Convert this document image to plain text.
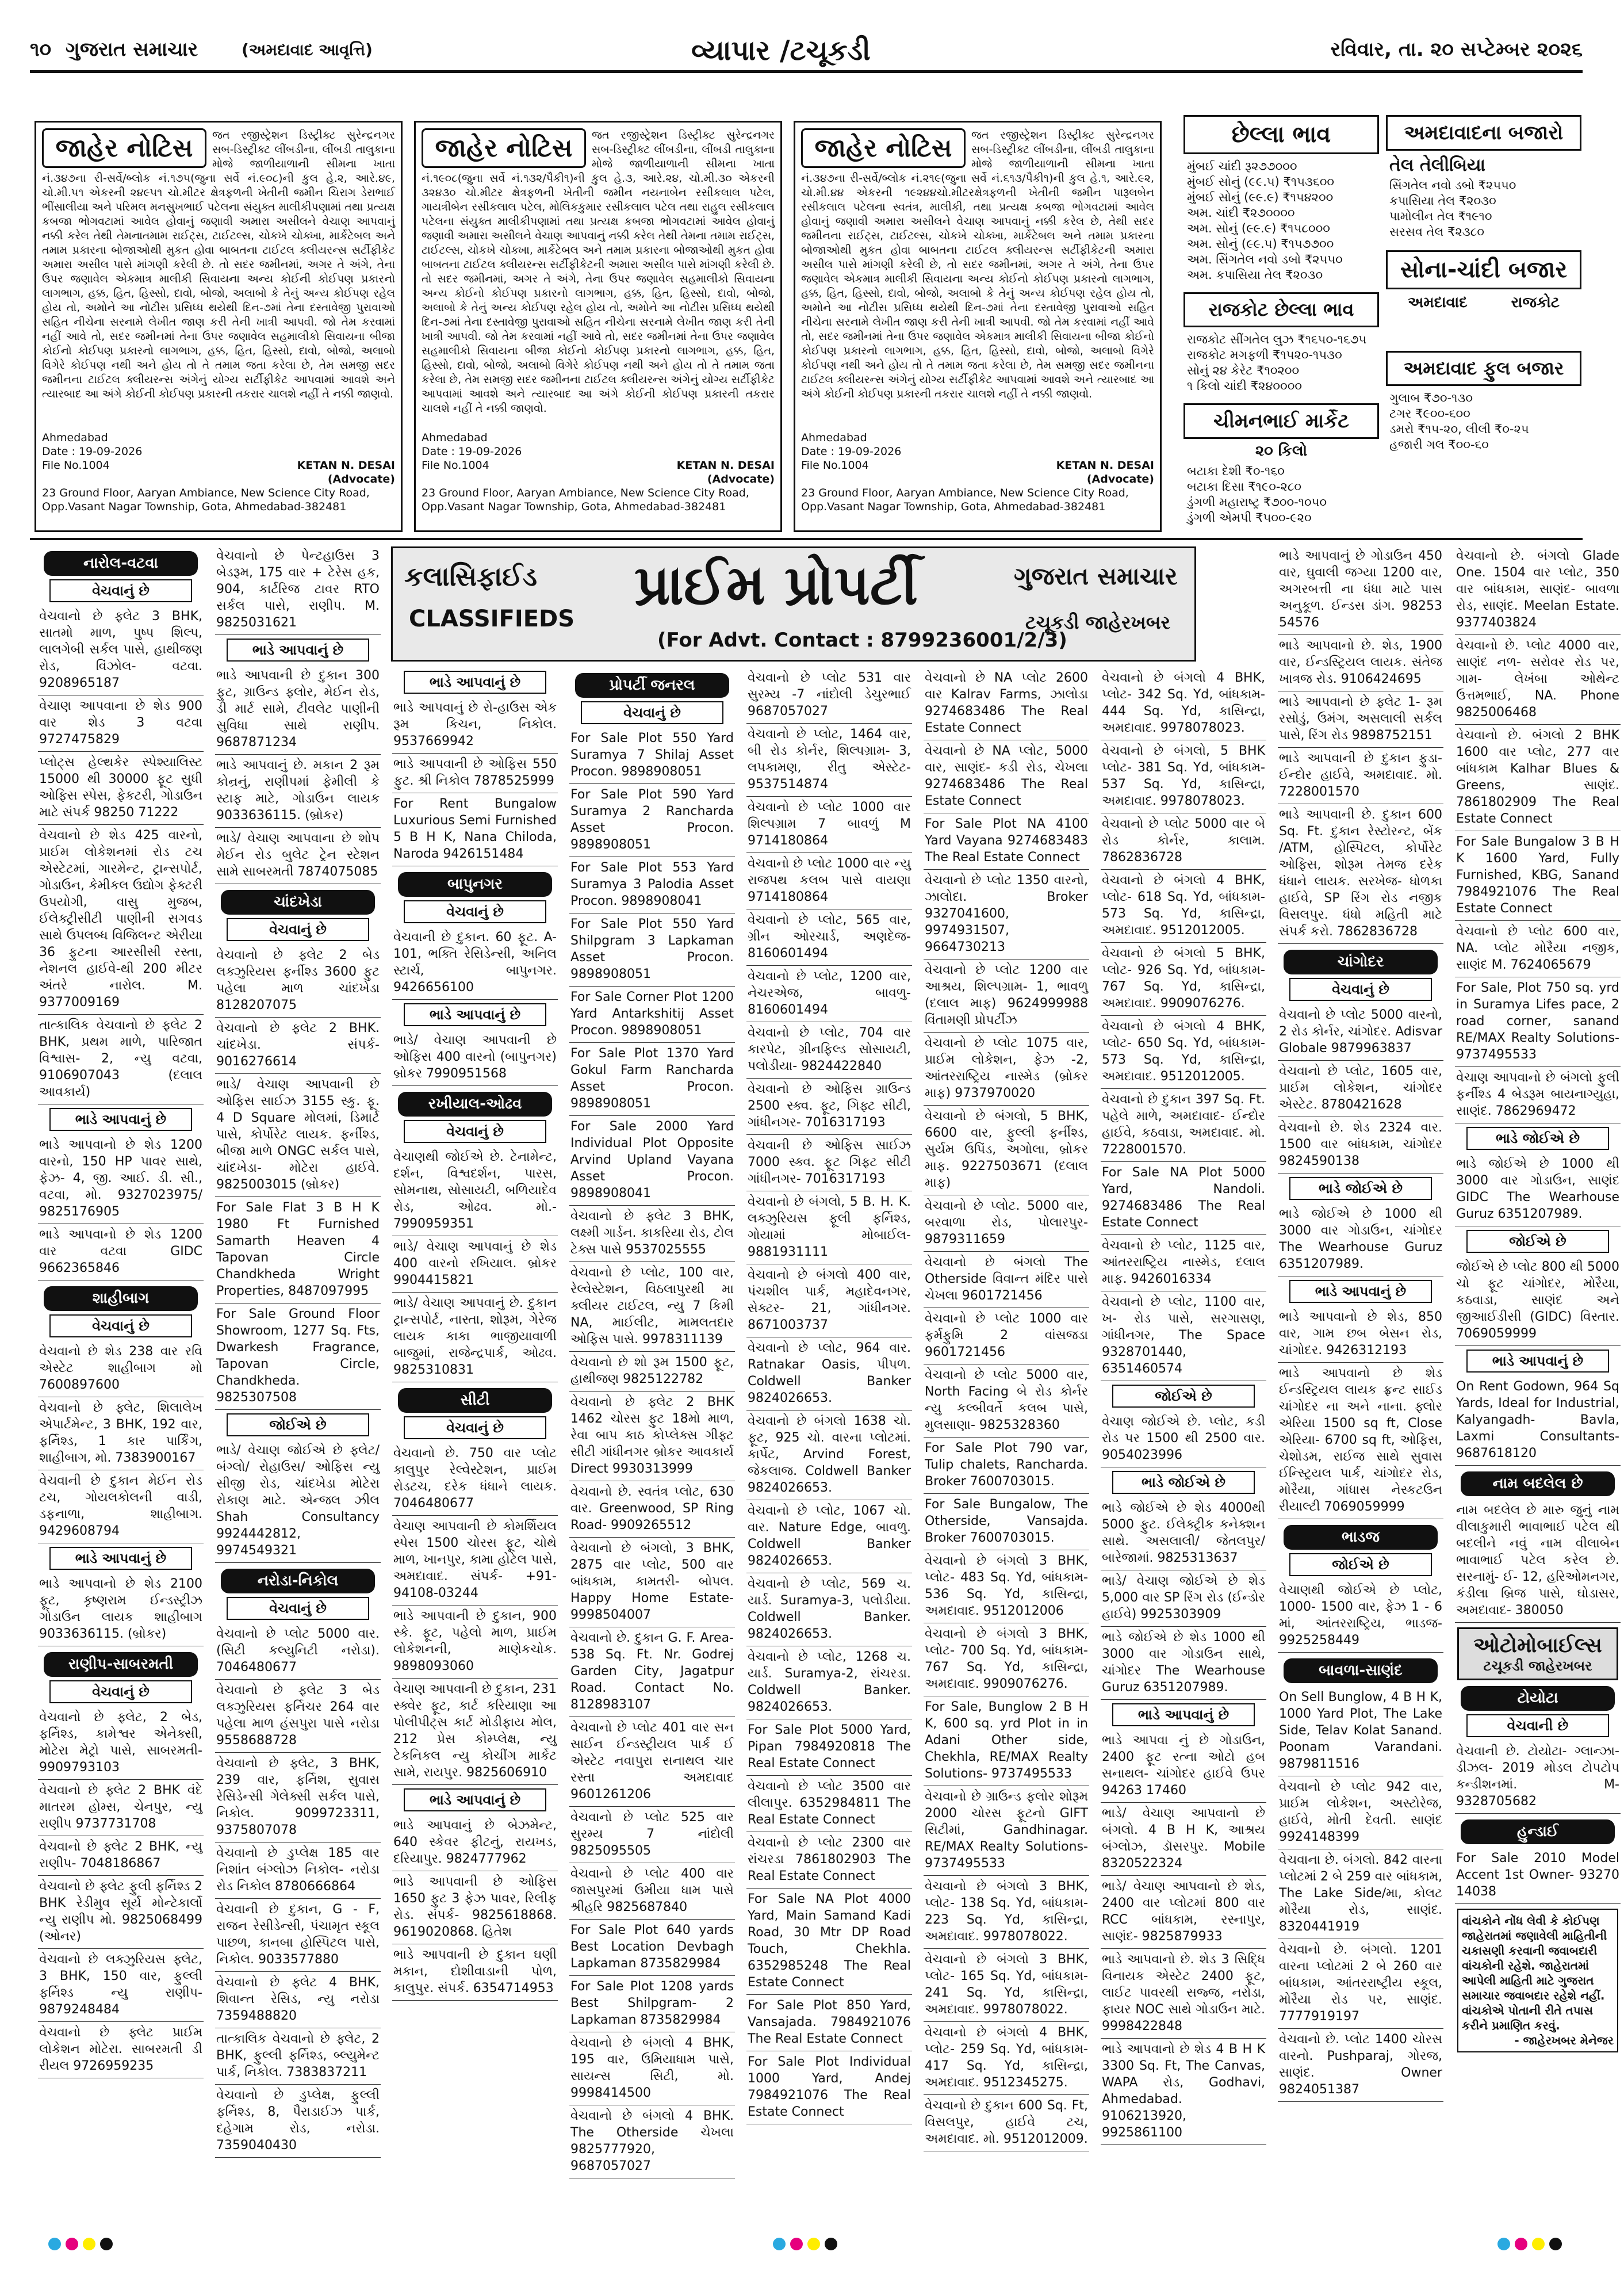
૧૦ ગુજરાત સમાચાર	(અમદાવાદ આવૃત્તિ)	વ્યાપાર /ટચૂકડી	રવિવાર, તા. ૨૦ સપ્ટેમ્બર ૨૦૨૬
જાહેર નોટિસ	જત રજીસ્ટ્રેશન ડિસ્ટ્રીક્ટ સુરેન્દ્રનગર સબ-ડિસ્ટ્રીક્ટ લીંબડીના, લીંબડી તાલુકાના મોજે જાળીયાળાની સીમના ખાતા નં.૩૪૭ના રી-સર્વે/બ્લોક નં.૧૭૫(જુના સર્વે નં.૯૦૮)ની કુલ હે.૨, આરે.૪૯, ચો.મી.૫૧ એકરની ૨૪૯૫૧ ચો.મીટર ક્ષેત્રફળની ખેતીની જમીન ચિરાગ ડેરાભાઈ ભીંસાલીયા અને પરિમલ મનસુખભાઈ પટેલના સંયુક્ત માલીકીપણામાં તથા પ્રત્યક્ષ કબજા ભોગવટામાં આવેલ હોવાનું જણાવી અમારા અસીલને વેચાણ આપવાનું નક્કી કરેલ તેથી તેમનાતમામ રાઈટ્સ, ટાઈટલ્સ, ચોકખે ચોક્ખા, માર્કેટેબલ અને તમામ પ્રકારના બોજાઓથી મુકત હોવા બાબતના ટાઈટલ ક્લીયરન્સ સર્ટીફીકેટ અમારા અસીલ પાસે માંગણી કરેલી છે. તો સદર જમીનમાં, અગર તે અંગે, તેના ઉપર જણાવેલ એકમાત્ર માલીકી સિવાયના અન્ય કોઈની કોઈપણ પ્રકારનો લાગભાગ, હક્ક, હિત, હિસ્સો, દાવો, બોજો, અલાબો કે તેનું અન્ય કોઈપણ રહેલ હોય તો, અમોને આ નોટીસ પ્રસિધ્ધ થયેથી દિન-૭માં તેના દસ્તાવેજી પુરાવાઓ સહિત નીચેના સરનામે લેખીત જાણ કરી તેની ખાત્રી આપવી. જો તેમ કરવામાં નહીં આવે તો, સદર જમીનમાં તેના ઉપર જણાવેલ સહમાલીકો સિવાયના બીજા કોઈનો કોઈપણ પ્રકારનો લાગભાગ, હક્ક, હિત, હિસ્સો, દાવો, બોજો, અલાબો વિગેરે કોઈપણ નથી અને હોય તો તે તમામ જતા કરેલા છે, તેમ સમજી સદર જમીનના ટાઈટલ ક્લીયરન્સ અંગેનું યોગ્ય સર્ટીફીકેટ આપવામાં આવશે અને ત્યારબાદ આ અંગે કોઈની કોઈપણ પ્રકારની તકરાર ચાલશે નહીં તે નક્કી જાણવો.
Ahmedabad
Date : 19-09-2026
File No.1004	KETAN N. DESAI
(Advocate)
23 Ground Floor, Aaryan Ambiance, New Science City Road, Opp.Vasant Nagar Township, Gota, Ahmedabad-382481
જાહેર નોટિસ	જત રજીસ્ટ્રેશન ડિસ્ટ્રીક્ટ સુરેન્દ્રનગર સબ-ડિસ્ટ્રીક્ટ લીંબડીના, લીંબડી તાલુકાના મોજે જાળીયાળાની સીમના ખાતા નં.૧૯૦૮(જુના સર્વે નં.૧૩૨/પૈકી૧)ની કુલ હે.૩, આરે.૨૪, ચો.મી.૩૦ એકરની ૩૨૪૩૦ ચો.મીટર ક્ષેત્રફળની ખેતીની જમીન નયનાબેન રસીકલાલ પટેલ, ગાયત્રીબેન રસીકલાલ પટેલ, મોલિકકુમાર રસીકલાલ પટેલ તથા રાહુલ રસીકલાલ પટેલના સંયુક્ત માલીકીપણામાં તથા પ્રત્યક્ષ કબજા ભોગવટામાં આવેલ હોવાનું જણાવી અમારા અસીલને વેચાણ આપવાનું નક્કી કરેલ તેથી તેમના તમામ રાઈટ્સ, ટાઈટલ્સ, ચોકખે ચોક્ખા, માર્કેટેબલ અને તમામ પ્રકારના બોજાઓથી મુકત હોવા બાબતના ટાઈટલ ક્લીયરન્સ સર્ટીફીકેટની અમારા અસીલ પાસે માંગણી કરેલી છે. તો સદર જમીનમાં, અગર તે અંગે, તેના ઉપર જણાવેલ સહમાલીકો સિવાયના અન્ય કોઈનો કોઈપણ પ્રકારનો લાગભાગ, હક્ક, હિત, હિસ્સો, દાવો, બોજો, અલાબો કે તેનું અન્ય કોઈપણ રહેલ હોય તો, અમોને આ નોટીસ પ્રસિધ્ધ થયેથી દિન-૭માં તેના દસ્તાવેજી પુરાવાઓ સહિત નીચેના સરનામે લેખીત જાણ કરી તેની ખાત્રી આપવી. જો તેમ કરવામાં નહીં આવે તો, સદર જમીનમાં તેના ઉપર જણાવેલ સહમાલીકો સિવાયના બીજા કોઈનો કોઈપણ પ્રકારનો લાગભાગ, હક્ક, હિત, હિસ્સો, દાવો, બોજો, અલાબો વિગેરે કોઈપણ નથી અને હોય તો તે તમામ જતા કરેલા છે, તેમ સમજી સદર જમીનના ટાઈટલ ક્લીયરન્સ અંગેનું યોગ્ય સર્ટીફીકેટ આપવામાં આવશે અને ત્યારબાદ આ અંગે કોઈની કોઈપણ પ્રકારની તકરાર ચાલશે નહીં તે નક્કી જાણવો.
Ahmedabad
Date : 19-09-2026
File No.1004	KETAN N. DESAI
(Advocate)
23 Ground Floor, Aaryan Ambiance, New Science City Road, Opp.Vasant Nagar Township, Gota, Ahmedabad-382481
જાહેર નોટિસ	જત રજીસ્ટ્રેશન ડિસ્ટ્રીક્ટ સુરેન્દ્રનગર સબ-ડિસ્ટ્રીક્ટ લીંબડીના, લીંબડી તાલુકાના મોજે જાળીયાળાની સીમના ખાતા નં.૩૪૭ના રી-સર્વે/બ્લોક નં.૨૧૯(જુના સર્વે નં.૬૧૩/પૈકી૧)ની કુલ હે.૧, આરે.૯૨, ચો.મી.૪૪ એકરની ૧૯૨૪૪ચો.મીટરક્ષેત્રફળની ખેતીની જમીન પારૂલબેન રસીકલાલ પટેલના સ્વતંત્ર, માલીકી, તથા પ્રત્યક્ષ કબજા ભોગવટામાં આવેલ હોવાનું જણાવી અમારા અસીલને વેચાણ આપવાનું નક્કી કરેલ છે, તેથી સદર જમીનના રાઈટ્સ, ટાઈટલ્સ, ચોકખે ચોક્ખા, માર્કેટેબલ અને તમામ પ્રકારના બોજાઓથી મુકત હોવા બાબતના ટાઈટલ ક્લીયરન્સ સર્ટીફીકેટની અમારા અસીલ પાસે માંગણી કરેલી છે, તો સદર જમીનમાં, અગર તે અંગે, તેના ઉપર જણાવેલ એકમાત્ર માલીકી સિવાયના અન્ય કોઈનો કોઈપણ પ્રકારનો લાગભાગ, હક્ક, હિત, હિસ્સો, દાવો, બોજો, અલાબો કે તેનું અન્ય કોઈપણ રહેલ હોય તો, અમોને આ નોટીસ પ્રસિધ્ધ થયેથી દિન-૭માં તેના દસ્તાવેજી પુરાવાઓ સહિત નીચેના સરનામે લેખીત જાણ કરી તેની ખાત્રી આપવી. જો તેમ કરવામાં નહીં આવે તો, સદર જમીનમાં તેના ઉપર જણાવેલ એકમાત્ર માલીકી સિવાયના બીજા કોઈનો કોઈપણ પ્રકારનો લાગભાગ, હક્ક, હિત, હિસ્સો, દાવો, બોજો, અલાબો વિગેરે કોઈપણ નથી અને હોય તો તે તમામ જતા કરેલા છે, તેમ સમજી સદર જમીનના ટાઈટલ ક્લીયરન્સ અંગેનું યોગ્ય સર્ટીફીકેટ આપવામાં આવશે અને ત્યારબાદ આ અંગે કોઈની કોઈપણ પ્રકારની તકરાર ચાલશે નહીં તે નક્કી જાણવો.
Ahmedabad
Date : 19-09-2026
File No.1004	KETAN N. DESAI
(Advocate)
23 Ground Floor, Aaryan Ambiance, New Science City Road, Opp.Vasant Nagar Township, Gota, Ahmedabad-382481
છેલ્લા ભાવ
મુંબઈ ચાંદી રૂ૨૭૭૦૦૦
મુંબઈ સોનું (૯૯.૫) ₹૧૫૩૬૦૦
મુંબઈ સોનું (૯૯.૯) ₹૧૫૪૨૦૦
અમ. ચાંદી ₹૨૭૦૦૦૦
અમ. સોનું (૯૯.૯) ₹૧૫૮૦૦૦
અમ. સોનું (૯૯.૫) ₹૧૫૭૭૦૦
અમ. સિંગતેલ નવો ડબો ₹૨૫૫૦
અમ. કપાસિયા તેલ ₹૨૦૩૦
રાજકોટ છેલ્લા ભાવ
રાજકોટ સીંગતેલ લુઝ ₹૧૬૫૦-૧૬૭૫
રાજકોટ મગફળી ₹૧૫૨૦-૧૫૩૦
સોનું ૨૪ કેરેટ ₹૧૦૨૦૦
૧ કિલો ચાંદી ₹૨૪૦૦૦૦
ચીમનભાઈ માર્કેટ
૨૦ કિલો
બટાકા દેશી ₹૦-૧૬૦
બટાકા દિસા ₹૧૯૦-૨૮૦
ડુંગળી મહારાષ્ટ્ર ₹૭૦૦-૧૦૫૦
ડુંગળી એમપી ₹૫૦૦-૯૨૦
અમદાવાદના બજારો
તેલ તેલીબિયા
સિંગતેલ નવો ડબો ₹૨૫૫૦
કપાસિયા તેલ ₹૨૦૩૦
પામોલીન તેલ ₹૧૯૧૦
સરસવ તેલ ₹૨૩૮૦
સોના-ચાંદી બજાર
અમદાવાદ	રાજકોટ
અમદાવાદ ફુલ બજાર
ગુલાબ ₹૭૦-૧૩૦
ટગર ₹૯૦૦-૬૦૦
ડમરો ₹૧૫-૨૦, લીલી ₹૦-૨૫
હજારી ગલ ₹૦૦-૬૦
કલાસિફાઈડ
CLASSIFIEDS
પ્રાઈમ પ્રોપર્ટી
(For Advt. Contact : 8799236001/2/3)
ગુજરાત સમાચાર
ટચૂકડી જાહેરખબર
નારોલ-વટવા
વેચવાનું છે
વેચવાનો છે ફ્લેટ 3 BHK, સાતમો માળ, પુષ્પ શિલ્પ, લાલગેબી સર્કલ પાસે, હાથીજણ રોડ, વિંઝોલ- વટવા. 9208965187
વેચાણ આપવાના છે શેડ 900 વાર શેડ 3 વટવા 9727475829
પ્લોટ્સ હેલ્થકેર સ્પેશ્યાલિસ્ટ 15000 થી 30000 ફૂટ સુધી ઓફિસ સ્પેસ, ફેકટરી, ગોડાઉન માટે સંપર્ક 98250 71222
વેચવાનો છે શેડ 425 વારનો, પ્રાઈમ લોકેશનમાં રોડ ટચ એસ્ટેટમાં, ગારમેન્ટ, ટ્રાન્સપોર્ટ, ગોડાઉન, કેમીકલ ઉદ્યોગ ફેક્ટરી ઉપયોગી, વાસુ મુજબ, ઈલેક્ટ્રીસીટી પાણીની સગવડ સાથે ઉપલબ્ધ વિજિલન્ટ એરીયા 36 ફુટના આરસીસી રસ્તા, નેશનલ હાઈવે-થી 200 મીટર અંતરે નારોલ. M. 9377009169
તાત્કાલિક વેચવાનો છે ફ્લેટ 2 BHK, પ્રથમ માળે, પારિજાત વિશ્વાસ- 2, ન્યુ વટવા, 9106907043 (દલાલ આવકાર્ય)
ભાડે આપવાનું છે
ભાડે આપવાનો છે શેડ 1200 વારનો, 150 HP પાવર સાથે, ફેઝ- 4, જી. આઈ. ડી. સી., વટવા, મો. 9327023975/ 9825176905
ભાડે આપવાનો છે શેડ 1200 વાર વટવા GIDC 9662365846
શાહીબાગ
વેચવાનું છે
વેચવાનો છે શેડ 238 વાર રવિ એસ્ટેટ શાહીબાગ મો 7600897600
વેચવાનો છે ફ્લેટ, શિલાલેખ એપાર્ટમેન્ટ, 3 BHK, 192 વાર, ફર્નિશ્ડ, 1 કાર પાર્કિંગ, શાહીબાગ, મો. 7383900167
વેચવાની છે દુકાન મેઈન રોડ ટચ, ગોયલકોલની વાડી, ડફનાળા, શાહીબાગ. 9429608794
ભાડે આપવાનું છે
ભાડે આપવાનો છે શેડ 2100 ફૂટ, કૃષ્ણરામ ઈન્ડસ્ટ્રીઝ ગોડાઉન લાયક શાહીબાગ 9033636115. (બ્રોકર)
રાણીપ-સાબરમતી
વેચવાનું છે
વેચવાનો છે ફ્લેટ, 2 બેડ, ફર્નિશ્ડ, કામેશ્વર એનેક્સી, મોટેરા મેટ્રો પાસે, સાબરમતી- 9909793103
વેચવાનો છે ફ્લેટ 2 BHK વંદે માતરમ હોમ્સ, ચેનપુર, ન્યુ રાણીપ 9737731708
વેચવાનો છે ફ્લેટ 2 BHK, ન્યુ રાણીપ- 7048186867
વેચવાનો છે ફ્લેટ ફુલી ફર્નિશ્ડ 2 BHK રેડીમુવ સૂર્ય મોન્ટેકાર્લો ન્યુ રાણીપ મો. 9825068499 (ઓનર)
વેચવાનો છે લક્ઝુરિયસ ફ્લેટ, 3 BHK, 150 વાર, ફુલ્લી ફર્નિશ્ડ ન્યુ રાણીપ- 9879248484
વેચવાનો છે ફ્લેટ પ્રાઈમ લોકેશન મોટેરા. સાબરમતી ડી રીયલ 9726959235
વેચવાનો છે પેન્ટહાઉસ 3 બેડરૂમ, 175 વાર + ટેરેસ હક, 904, કાર્ટરિજ ટાવર RTO સર્કલ પાસે, રાણીપ. M. 9825031621
ભાડે આપવાનું છે
ભાડે આપવાની છે દુકાન 300 ફુટ, ગ્રાઉન્ડ ફ્લોર, મેઈન રોડ, ડી માર્ટ સામે, ટીવલેટ પાણીની સુવિધા સાથે રાણીપ. 9687871234
ભાડે આપવાનું છે. મકાન 2 રૂમ કોન્રનું, રાણીપમાં ફેમીલી કે સ્ટાફ માટે, ગોડાઉન લાયક 9033636115. (બ્રોકર)
ભાડે/ વેચાણ આપવાના છે શોપ મેઈન રોડ બુલેટ ટ્રેન સ્ટેશન સામે સાબરમતી 7874075085
ચાંદખેડા
વેચવાનું છે
વેચવાનો છે ફ્લેટ 2 બેડ લક્ઝુરિયસ ફર્નીશ્ડ 3600 ફુટ પહેલા માળ ચાંદખેડા 8128207075
વેચવાનો છે ફ્લેટ 2 BHK. ચાંદખેડા. સંપર્ક- 9016276614
ભાડે/ વેચાણ આપવાની છે ઓફિસ સાઈઝ 3155 સ્કુ. ફૂ. 4 D Square મોલમાં, ડિમાર્ટ પાસે, કોર્પોરેટ લાયક. ફર્નીશ્ડ, બીજા માળે ONGC સર્કલ પાસે, ચાંદખેડા- મોટેરા હાઈવે. 9825003015 (બ્રોકર)
For Sale Flat 3 B H K 1980 Ft Furnished Samarth Heaven 4 Tapovan Circle Chandkheda Wright Properties, 8487097995
For Sale Ground Floor Showroom, 1277 Sq. Fts, Dwarkesh Fragrance, Tapovan Circle, Chandkheda. 9825307508
જોઈએ છે
ભાડે/ વેચાણ જોઈએ છે ફ્લેટ/ બંગ્લો/ રોહાઉસ/ ઓફિસ ન્યુ સીજી રોડ, ચાંદખેડા મોટેરા રોકાણ માટે. એન્જલ ઝીલ Shah Consultancy 9924442812, 9974549321
નરોડા-નિકોલ
વેચવાનું છે
વેચવાનો છે પ્લોટ 5000 વાર. (સિટી કલ્યુનિટી નરોડા). 7046480677
વેચવાનો છે ફ્લેટ 3 બેડ લક્ઝુરિયસ ફર્નિચર 264 વાર પહેલા માળ હંસપુરા પાસે નરોડા 9558688728
વેચવાનો છે ફ્લેટ, 3 BHK, 239 વાર, ફર્નિશ, સુવાસ રેસિડેન્સી ગેલેક્સી સર્કલ પાસે, નિકોલ. 9099723311, 9375807078
વેચવાનો છે ડુપ્લેક્ષ 185 વાર નિશાંત બંગ્લોઝ નિકોલ- નરોડા રોડ નિકોલ 8780666864
વેચવાની છે દુકાન, G - F, રાજન રેસીડેન્સી, પંચામૃત સ્કૂલ પાછળ, કાનબા હોસ્પિટલ પાસે, નિકોલ. 9033577880
વેચવાનો છે ફ્લેટ 4 BHK, શિવાન્ત રેસિડ, ન્યુ નરોડા 7359488820
તાત્કાલિક વેચવાનો છે ફ્લેટ, 2 BHK, ફુલ્લી ફર્નિશ્ડ, બ્લ્યુમેન્ટ પાર્ક, નિકોલ. 7383837211
વેચવાનો છે ડુપ્લેક્ષ, ફુલ્લી ફર્નિશ્ડ, 8, પૈરાડાઈઝ પાર્ક, દહેગામ રોડ, નરોડા. 7359040430
ભાડે આપવાનું છે
ભાડે આપવાનું છે રો-હાઉસ એક રૂમ કિચન, નિકોલ. 9537669942
ભાડે આપવાની છે ઓફિસ 550 ફુટ. શ્રી નિકોલ 7878525999
For Rent Bungalow Luxurious Semi Furnished 5 B H K, Nana Chiloda, Naroda 9426151484
બાપુનગર
વેચવાનું છે
વેચવાની છે દુકાન. 60 ફૂટ. A- 101, ભક્તિ રેસિડેન્સી, અનિલ સ્ટાર્ચ, બાપુનગર. 9426656100
ભાડે આપવાનું છે
ભાડે/ વેચાણ આપવાની છે ઓફિસ 400 વારનો (બાપુનગર) બ્રોકર 7990951568
રખીયાલ-ઓઢવ
વેચવાનું છે
વેચાણથી જોઈએ છે. ટેનામેન્ટ, દર્શન, વિશ્વદર્શન, પારસ, સોમનાથ, સોસાયટી, બળિયાદેવ રોડ, ઓઢવ. મો.- 7990959351
ભાડે/ વેચાણ આપવાનું છે શેડ 400 વારનો રખિયાલ. બ્રોકર 9904415821
ભાડે/ વેચાણ આપવાનું છે. દુકાન ટ્રાન્સપોર્ટ, નાસ્તા, શોરૂમ, ગેરેજ લાયક કાકા ભાજીયાવાળી બાજુમાં, રાજેન્દ્રપાર્ક, ઓઢવ. 9825310831
સીટી
વેચવાનું છે
વેચવાનો છે. 750 વાર પ્લોટ કાલુપુર રેલ્વેસ્ટેશન, પ્રાઈમ રોડટચ, દરેક ધંધાને લાયક. 7046480677
વેચાણ આપવાની છે કોમર્શિયલ સ્પેસ 1500 ચોરસ ફૂટ, ચોથે માળ, ખાનપુર, કામા હોટેલ પાસે, અમદાવાદ. સંપર્ક- +91- 94108-03244
ભાડે આપવાની છે દુકાન, 900 સ્કે. ફૂટ, પહેલો માળ, પ્રાઈમ લોકેશનની, માણેકચોક. 9898093060
વેચાણ આપવાની છે દુકાન, 231 સ્ક્વેર ફૂટ, કાર્ટ કરિયાણા આ પોલીપીટ્સ કાર્ટ મોડીફાય મોલ, 212 પ્રેસ કોમ્પ્લેક્ષ, ન્યુ ટેકનિકલ ન્યુ કોચીંગ માર્કેટ સામે, રાયપુર. 9825606910
ભાડે આપવાનું છે
ભાડે આપવાનું છે બેઝમેન્ટ, 640 સ્કેવર ફીટનું, રાયખડ, દરિયાપુર. 9824777962
ભાડે આપવાની છે ઓફિસ 1650 ફુટ 3 ફેઝ પાવર, રિલીફ રોડ. સંપર્ક- 9825618868. 9619020868. હિતેશ
ભાડે આપવાની છે દુકાન ઘણી મકાન, દોશીવાડાની પોળ, કાલુપુર. સંપર્ક. 6354714953
પ્રોપર્ટી જનરલ
વેચવાનું છે
For Sale Plot 550 Yard Suramya 7 Shilaj Asset Procon. 9898908051
For Sale Plot 590 Yard Suramya 2 Rancharda Asset Procon. 9898908051
For Sale Plot 553 Yard Suramya 3 Palodia Asset Procon. 9898908041
For Sale Plot 550 Yard Shilpgram 3 Lapkaman Asset Procon. 9898908051
For Sale Corner Plot 1200 Yard Antarkshitij Asset Procon. 9898908051
For Sale Plot 1370 Yard Gokul Farm Rancharda Asset Procon. 9898908051
For Sale 2000 Yard Individual Plot Opposite Arvind Upland Vayana Asset Procon. 9898908041
વેચવાનો છે ફ્લેટ 3 BHK, લક્ષ્મી ગાર્ડન. કાકરિયા રોડ, ટોલ ટેક્સ પાસે 9537025555
વેચવાનો છે પ્લોટ, 100 વાર, રેલ્વેસ્ટેશન, વિઠલાપુરથી મા ક્લીયર ટાઈટલ, ન્યુ 7 કિમી NA, માઈલીટ, મામલતદાર ઓફિસ પાસે. 9978311139
વેચવાનો છે શો રૂમ 1500 ફૂટ, હાથીજણ 9825122782
વેચવાનો છે ફ્લેટ 2 BHK 1462 ચોરસ ફુટ 18મો માળ, રેવા બાપ કાઠ કોપ્લેક્સ ગીફ્ટ સીટી ગાંધીનગર બ્રોકર આવકાર્ય Direct 9930313999
વેચવાનો છે. સ્વતંત્ર પ્લોટ, 630 વાર. Greenwood, SP Ring Road- 9909265512
વેચવાનો છે બંગલો, 3 BHK, 2875 વાર પ્લોટ, 500 વાર બાંધકામ, કામતરી- બોપલ. Happy Home Estate- 9998504007
વેચવાનો છે. દુકાન G. F. Area- 538 Sq. Ft. Nr. Godrej Garden City, Jagatpur Road. Contact No. 8128983107
વેચવાનો છે પ્લોટ 401 વાર સન સાઈન ઈન્ડસ્ટ્રીયલ પાર્ક ઈ એસ્ટેટ નવાપુરા સનાથલ ચાર રસ્તા અમદાવાદ 9601261206
વેચવાનો છે પ્લોટ 525 વાર સુરમ્ય 7 નાંદોલી 9825095505
વેચવાનો છે પ્લોટ 400 વાર જાસપુરમાં ઉમીયા ધામ પાસે શ્રીહરિ 9825687840
For Sale Plot 640 yards Best Location Devbagh Lapkaman 8735829984
For Sale Plot 1208 yards Best Shilpgram- 2 Lapkaman 8735829984
વેચવાનો છે બંગલો 4 BHK, 195 વાર, ઉમિયાધામ પાસે, સાયન્સ સિટી, મો. 9998414500
વેચવાનો છે બંગલો 4 BHK. The Otherside ચેખલા 9825777920, 9687057027
વેચવાનો છે પ્લોટ 531 વાર સુરમ્ય -7 નાંદોલી ડેચુરભાઈ 9687057027
વેચવાનો છે પ્લોટ, 1464 વાર, બી રોડ કોર્નર, શિલ્પગ્રામ- 3, લપકામણ, રીતુ એસ્ટેટ- 9537514874
વેચવાનો છે પ્લોટ 1000 વાર શિલ્પગ્રામ 7 બાવળું M 9714180864
વેચવાનો છે પ્લોટ 1000 વાર ન્યુ રાજપથ કલબ પાસે વાયણા 9714180864
વેચવાનો છે પ્લોટ, 565 વાર, ગ્રીન ઓરચાર્ડ, અણદેજ- 8160601494
વેચવાનો છે પ્લોટ, 1200 વાર, નેચરએજ, બાવળુ- 8160601494
વેચવાનો છે પ્લોટ, 704 વાર કારપેટ, ગ્રીનફિલ્ડ સોસાયટી, પલોડીયા- 9824422840
વેચવાનો છે ઓફિસ ગ્રાઉન્ડ 2500 સ્ક્વ. ફૂટ, ગિફ્ટ સીટી, ગાંધીનગર- 7016317193
વેચવાની છે ઓફિસ સાઈઝ 7000 સ્ક્વ. ફૂટ ગિફ્ટ સીટી ગાંધીનગર- 7016317193
વેચવાનો છે બંગલો, 5 B. H. K. લક્ઝુરિયસ ફૂલી ફર્નિશ્ડ, ગોયામાં મોબાઈલ- 9881931111
વેચવાનો છે બંગલો 400 વાર, પંચશીલ પાર્ક, મહાદેવનગર, સેક્ટર- 21, ગાંધીનગર. 8671003737
વેચવાનો છે પ્લોટ, 964 વાર. Ratnakar Oasis, પીપળ. Coldwell Banker 9824026653.
વેચવાનો છે બંગલો 1638 ચો. ફૂટ, 925 ચો. વારના પ્લોટમાં. કાર્પેટ, Arvind Forest, જેકલાજ. Coldwell Banker 9824026653.
વેચવાનો છે પ્લોટ, 1067 ચો. વાર. Nature Edge, બાવળુ. Coldwell Banker 9824026653.
વેચવાનો છે પ્લોટ, 569 ચ. યાર્ડ. Suramya-3, પલોડીયા. Coldwell Banker. 9824026653.
વેચવાનો છે પ્લોટ, 1268 ચ. યાર્ડ. Suramya-2, રાંચરડા. Coldwell Banker. 9824026653.
For Sale Plot 5000 Yard, Pipan 7984920818 The Real Estate Connect
વેચવાનો છે પ્લોટ 3500 વાર લીલાપુર. 6352984811 The Real Estate Connect
વેચવાનો છે પ્લોટ 2300 વાર રાંચરડા 7861802903 The Real Estate Connect
For Sale NA Plot 4000 Yard, Main Samand Kadi Road, 30 Mtr DP Road Touch, Chekhla. 6352985248 The Real Estate Connect
For Sale Plot 850 Yard, Vansajada. 7984921076 The Real Estate Connect
For Sale Plot Individual 1000 Yard, Andej 7984921076 The Real Estate Connect
વેચવાનો છે NA પ્લોટ 2600 વાર Kalrav Farms, ઝાલોડા 9274683486 The Real Estate Connect
વેચવાનો છે NA પ્લોટ, 5000 વાર, સાણંદ- કડી રોડ, ચેખલા 9274683486 The Real Estate Connect
For Sale Plot NA 4100 Yard Vayana 9274683483 The Real Estate Connect
વેચવાનો છે પ્લોટ 1350 વારનો, ઝાલોદા. Broker 9327041600, 9974931507, 9664730213
વેચવાનો છે પ્લોટ 1200 વાર આશ્રય, શિલ્પગ્રામ- 1, ભાવળુ (દલાલ માફ) 9624999988 વિંતામણી પ્રોપર્ટીઝ
વેચવાનો છે પ્લોટ 1075 વાર, પ્રાઈમ લોકેશન, ફેઝ -2, આંતરરાષ્ટ્રિય નાસ્મેડ (બ્રોકર માફ) 9737970020
વેચવાનો છે બંગલો, 5 BHK, 6600 વાર, ફુલ્લી ફર્નીશ્ડ, સુર્યમ ઉપિંડ, અગોલા, બ્રોકર માફ. 9227503671 (દલાલ માફ)
વેચવાનો છે પ્લોટ. 5000 વાર, બરવાળા રોડ, પોલારપુર- 9879311659
વેચવાનો છે બંગલો The Otherside વિવાન્ત મંદિર પાસે ચેખલા 9601721456
વેચવાનો છે પ્લોટ 1000 વાર ફર્મફુમિ 2 વાંસજડા 9601721456
વેચવાનો છે પ્લોટ 5000 વાર, North Facing બે રોડ કોર્નર ન્યુ કલ્બીવર્તે કલબ પાસે, મુલસાણા- 9825328360
For Sale Plot 790 var, Tulip chalets, Rancharda. Broker 7600703015.
For Sale Bungalow, The Otherside, Vansajda. Broker 7600703015.
વેચવાનો છે બંગલો 3 BHK, પ્લોટ- 483 Sq. Yd, બાંધકામ- 536 Sq. Yd, કાસિન્દ્રા, અમદાવાદ. 9512012006
વેચવાનો છે બંગલો 3 BHK, પ્લોટ- 700 Sq. Yd, બાંધકામ- 767 Sq. Yd, કાસિન્દ્રા, અમદાવાદ. 9909076276.
For Sale, Bunglow 2 B H K, 600 sq. yrd Plot in in Adani Other side, Chekhla, RE/MAX Realty Solutions- 9737495533
વેચવાનો છે ગ્રાઉન્ડ ફલોર શોરૂમ 2000 ચોરસ ફૂટનો GIFT સિટીમાં, Gandhinagar. RE/MAX Realty Solutions- 9737495533
વેચવાનો છે બંગલો 3 BHK, પ્લોટ- 138 Sq. Yd, બાંધકામ- 223 Sq. Yd, કાસિન્દ્રા, અમદાવાદ. 9978078022.
વેચવાનો છે બંગલો 3 BHK, પ્લોટ- 165 Sq. Yd, બાંધકામ- 241 Sq. Yd, કાસિન્દ્રા, અમદાવાદ. 9978078022.
વેચવાનો છે બંગલો 4 BHK, પ્લોટ- 259 Sq. Yd, બાંધકામ- 417 Sq. Yd, કાસિન્દ્રા, અમદાવાદ. 9512345275.
વેચવાનો છે દુકાન 600 Sq. Ft, વિસલપુર, હાઈવે ટચ, અમદાવાદ. મો. 9512012009.
વેચવાનો છે બંગલો 4 BHK, પ્લોટ- 342 Sq. Yd, બાંધકામ- 444 Sq. Yd, કાસિન્દ્રા, અમદાવાદ. 9978078023.
વેચવાનો છે બંગલો, 5 BHK પ્લોટ- 381 Sq. Yd, બાંધકામ- 537 Sq. Yd, કાસિન્દ્રા, અમદાવાદ. 9978078023.
વેચવાનો છે પ્લોટ 5000 વાર બે રોડ કોર્નર, કાલામ. 7862836728
વેચવાનો છે બંગલો 4 BHK, પ્લોટ- 618 Sq. Yd, બાંધકામ- 573 Sq. Yd, કાસિન્દ્રા, અમદાવાદ. 9512012005.
વેચવાનો છે બંગલો 5 BHK, પ્લોટ- 926 Sq. Yd, બાંધકામ- 767 Sq. Yd, કાસિન્દ્રા, અમદાવાદ. 9909076276.
વેચવાનો છે બંગલો 4 BHK, પ્લોટ- 650 Sq. Yd, બાંધકામ- 573 Sq. Yd, કાસિન્દ્રા, અમદાવાદ. 9512012005.
વેચવાનો છે દુકાન 397 Sq. Ft. પહેલે માળે, અમદાવાદ- ઈન્દોર હાઈવે, કઠવાડા, અમદાવાદ. મો. 7228001570.
For Sale NA Plot 5000 Yard, Nandoli. 9274683486 The Real Estate Connect
વેચવાનો છે પ્લોટ, 1125 વાર, આંતરરાષ્ટ્રિય નાસ્મેડ, દલાલ માફ. 9426016334
વેચવાનો છે પ્લોટ, 1100 વાર, ખ- રોડ પાસે, સરગાસણ, ગાંધીનગર, The Space 9328701440, 6351460574
જોઈએ છે
વેચાણ જોઈએ છે. પ્લોટ, કડી રોડ પર 1500 થી 2500 વાર. 9054023996
ભાડે જોઈએ છે
ભાડે જોઈએ છે શેડ 4000થી 5000 ફુટ. ઈલેક્ટ્રીક કનેક્શન સાથે. અસલાલી/ જેતલપુર/ બારેજામાં. 9825313637
ભાડે/ વેચાણ જોઈએ છે શેડ 5,000 વાર SP રિંગ રોડ (ઈન્ડોર હાઈવે) 9925303909
ભાડે જોઈએ છે શેડ 1000 થી 3000 વાર ગોડાઉન સાથે, ચાંગોદર The Wearhouse Guruz 6351207989.
ભાડે આપવાનું છે
ભાડે આપવા નું છે ગોડાઉન, 2400 ફૂટ રત્ના ઓટો હબ સનાથલ- ચાંગોદર હાઈવે ઉપર 94263 17460
ભાડે/ વેચાણ આપવાનો છે બંગલો. 4 B H K, આશ્રય બંગ્લોઝ, ડૉસરપુર. Mobile 8320522324
ભાડે/ વેચાણ આપવાનો છે શેડ, 2400 વાર પ્લોટમાં 800 વાર RCC બાંધકામ, રસ્નાપુર, સાણંદ- 9825879933
ભાડે આપવાનો છે. શેડ 3 સિદ્ધિ વિનાયક એસ્ટેટ 2400 ફૂટ, લાઈટ પાવરથી સજ્જ, નરોડા, ફાયર NOC સાથે ગોડાઉન માટે. 9998422848
ભાડે આપવાનો છે શેડ 4 B H K 3300 Sq. Ft, The Canvas, WAPA રોડ, Godhavi, Ahmedabad. 9106213920, 9925861100
ભાડે આપવાનું છે ગોડાઉન 450 વાર, ઘુવાલી જગ્યા 1200 વાર, અગરબત્તી ના ધંધા માટે પાસ અનુકૂળ. ઈન્ડસ ડાંગ. 98253 54576
ભાડે આપવાનો છે. શેડ, 1900 વાર, ઈન્ડસ્ટ્રિયલ લાયક. સંતેજ ખાત્રજ રોડ. 9106424695
ભાડે આપવાનો છે ફ્લેટ 1- રૂમ રસોડું, ઉમંગ, અસલાલી સર્કલ પાસે, રિંગ રોડ 9898752151
ભાડે આપવાની છે દુકાન ફુડા- ઈન્દોર હાઈવે, અમદાવાદ. મો. 7228001570
ભાડે આપવાની છે. દુકાન 600 Sq. Ft. દુકાન રેસ્ટોરન્ટ, બેંક /ATM, હોસ્પિટલ, કોર્પોરેટ ઓફિસ, શોરૂમ તેમજ દરેક ધંધાને લાયક. સરખેજ- ધોળકા હાઈવે, SP રિંગ રોડ નજીક વિસલપુર. ધંધો મહિતી માટે સંપર્ક કરો. 7862836728
ચાંગોદર
વેચવાનું છે
વેચવાનો છે પ્લોટ 5000 વારનો, 2 રોડ કોર્નર, ચાંગોદર. Adisvar Globale 9879963837
વેચવાનો છે પ્લોટ, 1605 વાર, પ્રાઈમ લોકેશન, ચાંગોદર એસ્ટેટ. 8780421628
વેચવાનો છે. શેડ 2324 વાર. 1500 વાર બાંધકામ, ચાંગોદર 9824590138
ભાડે જોઈએ છે
ભાડે જોઈએ છે 1000 થી 3000 વાર ગોડાઉન, ચાંગોદર The Wearhouse Guruz 6351207989.
ભાડે આપવાનું છે
ભાડે આપવાનો છે શેડ, 850 વાર, ગામ છબ બેસન રોડ, ચાંગોદર. 9426312193
ભાડે આપવાનો છે શેડ ઈન્ડસ્ટ્રિયલ લાયક ફ્રન્ટ સાઈડ ચાંગોદર ના અને નાના. ફ્લોર એરિયા 1500 sq ft, Close એરિયા- 6700 sq ft, ઓફિસ, ચેશોડમ, રાઈજ સાથે સુવાસ ઈન્સ્ટ્રિયલ પાર્ક, ચાંગોદર રોડ, મોરૈયા, ગાંધાસ નેસ્કટઉન રીયાલ્ટી 7069059999
ભાડજ
જોઈએ છે
વેચાણથી જોઈએ છે પ્લોટ, 1000- 1500 વાર, ફેઝ 1 - 6 માં, આંતરરાષ્ટ્રિય, ભાડજ- 9925258449
બાવળા-સાણંદ
On Sell Bunglow, 4 B H K, 1000 Yard Plot, The Lake Side, Telav Kolat Sanand. Poonam Varandani. 9879811516
વેચવાનો છે પ્લોટ 942 વાર, પ્રાઈમ લોકેશન, અસ્ટોરેજ, હાઈવે, મોતી દેવતી. સાણંદ 9924148399
વેચવાના છે. બંગલો. 842 વારના પ્લોટમાં 2 બે 259 વાર બાંધકામ, The Lake Side/મા, કોલટ મોરૈયા રોડ, સાણંદ. 8320441919
વેચવાનો છે. બંગલો. 1201 વારના પ્લોટમાં 2 બે 260 વાર બાંધકામ, આંતરરાષ્ટ્રીય સ્કૂલ, મોરૈયા રોડ પર, સાણંદ. 7777919197
વેચવાનો છે. પ્લોટ 1400 ચોરસ વારનો. Pushparaj, ગોરજ, સાણંદ. Owner 9824051387
વેચવાનો છે. બંગલો Glade One. 1504 વાર પ્લોટ, 350 વાર બાંધકામ, સાણંદ- બાવળા રોડ, સાણંદ. Meelan Estate. 9377403824
વેચવાનો છે. પ્લોટ 4000 વાર, સાણંદ નળ- સરોવર રોડ પર, ગામ- લેખંબા ઓથેન્ટ ઉત્તમભાઈ, NA. Phone 9825006468
વેચવાનો છે. બંગલો 2 BHK 1600 વાર પ્લોટ, 277 વાર બાંધકામ Kalhar Blues & Greens, સાણંદ. 7861802909 The Real Estate Connect
For Sale Bungalow 3 B H K 1600 Yard, Fully Furnished, KBG, Sanand 7984921076 The Real Estate Connect
વેચવાનો છે પ્લોટ 600 વાર, NA. પ્લોટ મોરૈયા નજીક, સાણંદ M. 7624065679
For Sale, Plot 750 sq. yrd in Suramya Lifes pace, 2 road corner, sanand RE/MAX Realty Solutions- 9737495533
વેચાણ આપવાનો છે બંગલો ફુલી ફર્નીશ્ડ 4 બેડરૂમ બાયનાગ્યુહા, સાણંદ. 7862969472
ભાડે જોઈએ છે
ભાડે જોઈએ છે 1000 થી 3000 વાર ગોડાઉન, સાણંદ GIDC The Wearhouse Guruz 6351207989.
જોઈએ છે
જોઈએ છે પ્લોટ 800 થી 5000 ચો ફૂટ ચાંગોદર, મોરૈયા, કઠવાડા, સાણંદ અને જીઆઈડીસી (GIDC) વિસ્તાર. 7069059999
ભાડે આપવાનું છે
On Rent Godown, 964 Sq Yards, Ideal for Industrial, Kalyangadh- Bavla, Laxmi Consultants- 9687618120
નામ બદલેલ છે
નામ બદલેલ છે મારુ જુનું નામ વીલાકુમારી ભાવાભાઈ પટેલ થી બદલીને નવું નામ વીલાબેન ભાવાભાઈ પટેલ કરેલ છે. સરનામું- ઈ- 12, હરિઓમનગર, કંડીલા બ્રિજ પાસે, ઘોડાસર, અમદાવાદ- 380050
ઓટોમોબાઈલ્સ
ટચૂકડી જાહેરખબર
ટોયોટા
વેચવાની છે
વેચવાની છે. ટોયોટા- ગ્લાન્ઝા- ડીઝલ- 2019 મોડલ ટોપટોપ કન્ડીશનમાં. M- 9328705682
હુન્ડાઈ
For Sale 2010 Model Accent 1st Owner- 93270 14038
વાંચકોને નોંધ લેવી કે કોઈપણ જાહેરાતમાં જણાવેલી માહિતીની ચકાસણી કરવાની જવાબદારી વાંચકોની રહેશે. જાહેરાતમાં આપેલી માહિતી માટે ગુજરાત સમાચાર જવાબદાર રહેશે નહીં. વાંચકોએ પોતાની રીતે તપાસ કરીને પ્રમાણિત કરવું.
- જાહેરખબર મેનેજર
